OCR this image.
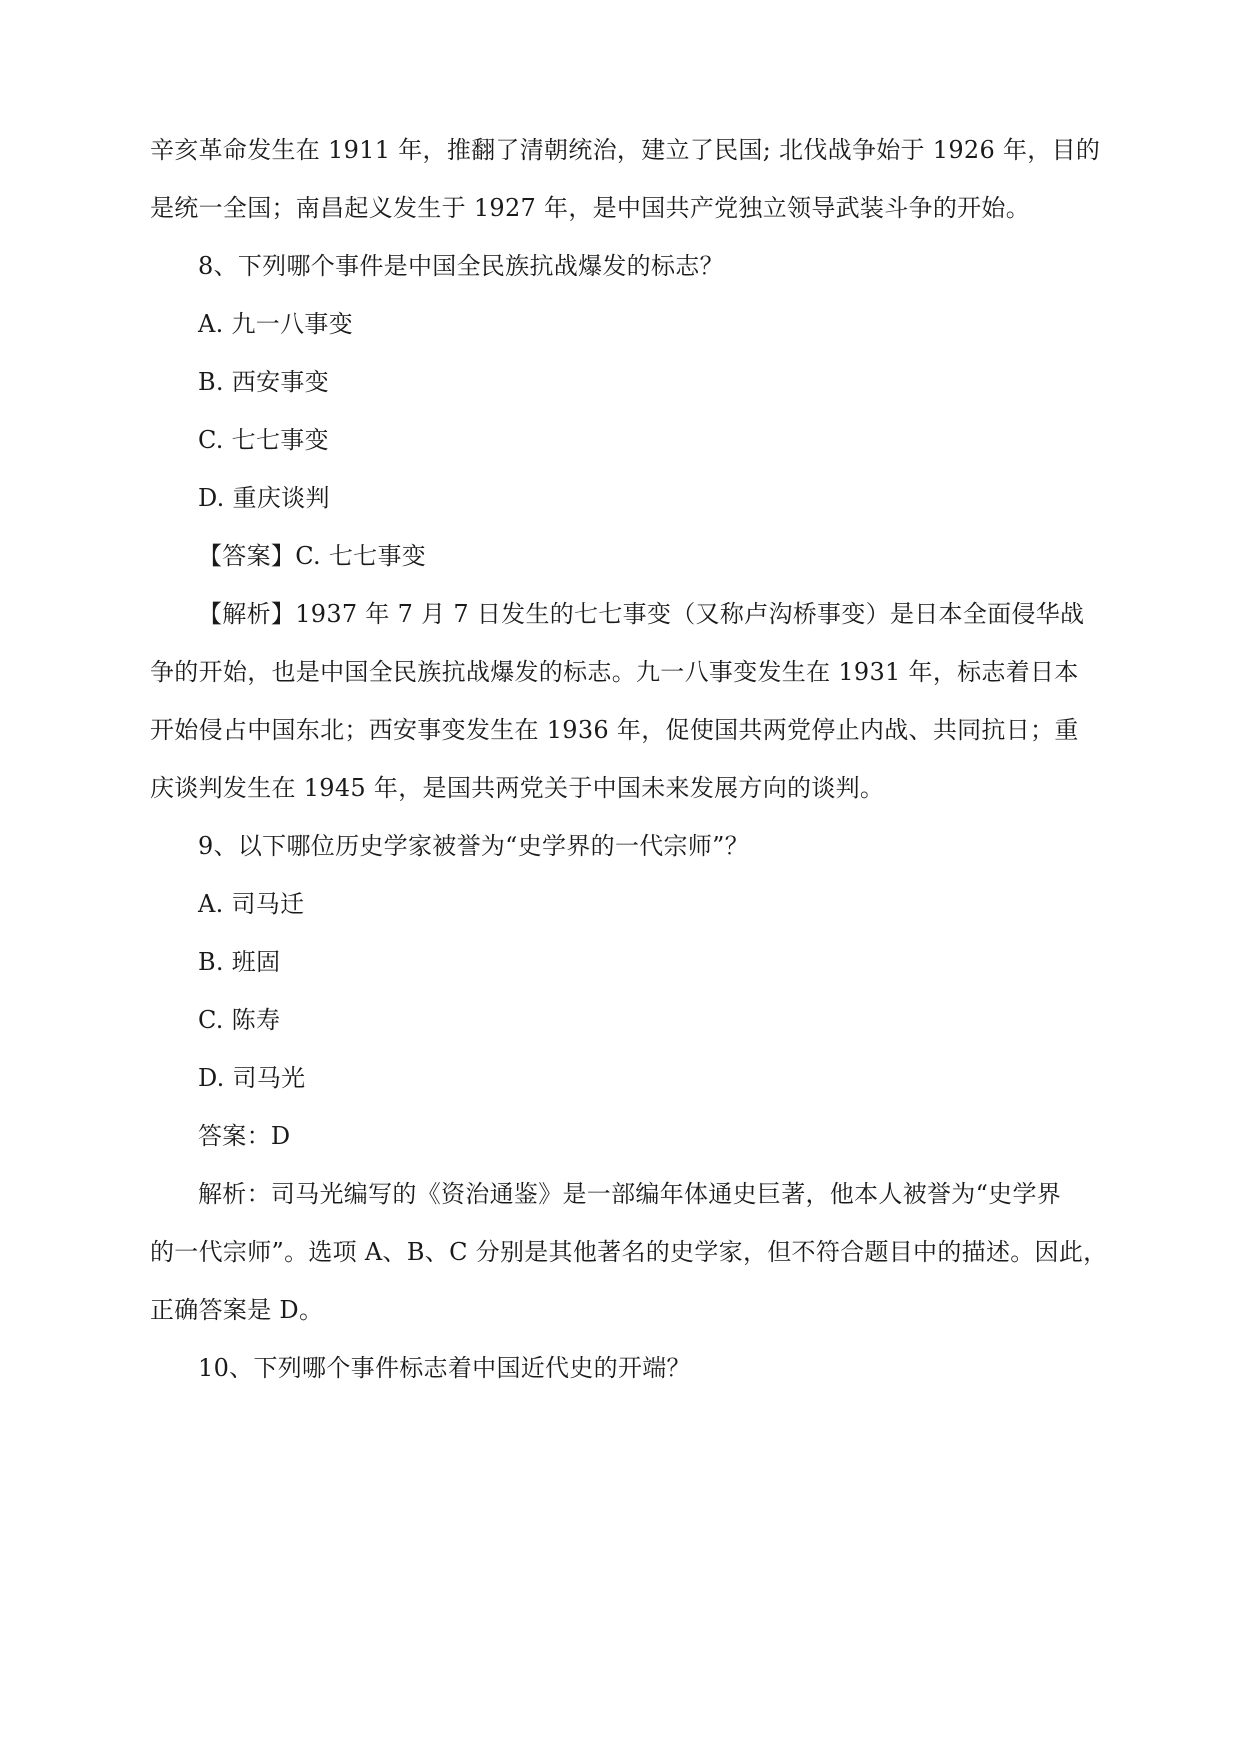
辛亥革命发生在 1911 年，推翻了清朝统治，建立了民国; 北伐战争始于 1926 年，目的
是统一全国；南昌起义发生于 1927 年，是中国共产党独立领导武装斗争的开始。
8、下列哪个事件是中国全民族抗战爆发的标志？
A. 九一八事变
B. 西安事变
C. 七七事变
D. 重庆谈判
【答案】C. 七七事变
【解析】1937 年 7 月 7 日发生的七七事变（又称卢沟桥事变）是日本全面侵华战
争的开始，也是中国全民族抗战爆发的标志。九一八事变发生在 1931 年，标志着日本
开始侵占中国东北；西安事变发生在 1936 年，促使国共两党停止内战、共同抗日；重
庆谈判发生在 1945 年，是国共两党关于中国未来发展方向的谈判。
9、以下哪位历史学家被誉为“史学界的一代宗师”？
A. 司马迁
B. 班固
C. 陈寿
D. 司马光
答案：D
解析：司马光编写的《资治通鉴》是一部编年体通史巨著，他本人被誉为“史学界
的一代宗师”。选项 A、B、C 分别是其他著名的史学家，但不符合题目中的描述。因此，
正确答案是 D。
10、下列哪个事件标志着中国近代史的开端？
